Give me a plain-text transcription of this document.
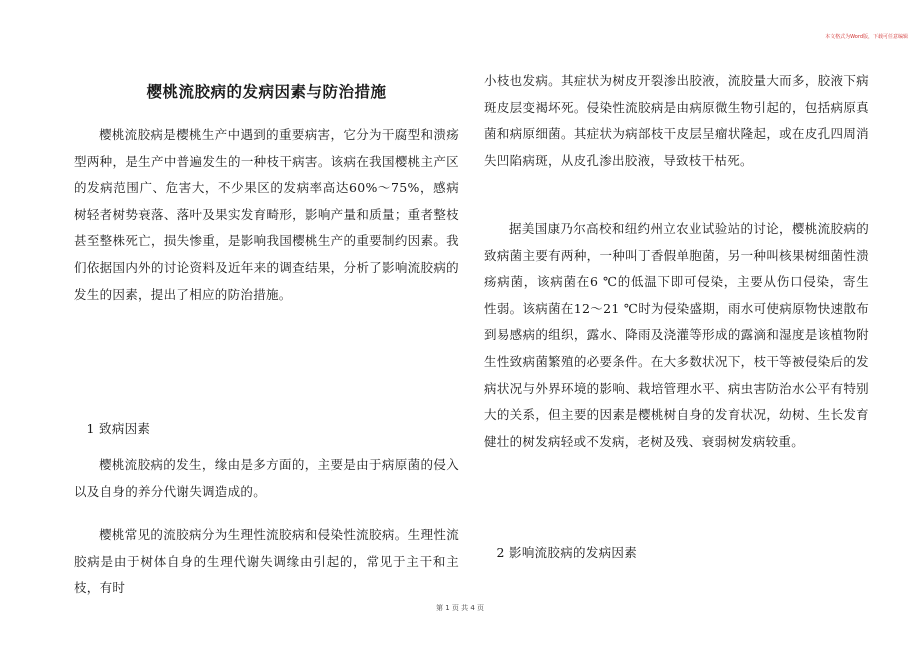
本文格式为Word版，下载可任意编辑
樱桃流胶病的发病因素与防治措施

樱桃流胶病是樱桃生产中遇到的重要病害，它分为干腐型和溃疡型两种，是生产中普遍发生的一种枝干病害。该病在我国樱桃主产区的发病范围广、危害大，不少果区的发病率高达60%～75%，感病树轻者树势衰落、落叶及果实发育畸形，影响产量和质量；重者整枝甚至整株死亡，损失惨重，是影响我国樱桃生产的重要制约因素。我们依据国内外的讨论资料及近年来的调查结果，分析了影响流胶病的发生的因素，提出了相应的防治措施。

1 致病因素

樱桃流胶病的发生，缘由是多方面的，主要是由于病原菌的侵入以及自身的养分代谢失调造成的。

樱桃常见的流胶病分为生理性流胶病和侵染性流胶病。生理性流胶病是由于树体自身的生理代谢失调缘由引起的，常见于主干和主枝，有时

小枝也发病。其症状为树皮开裂渗出胶液，流胶量大而多，胶液下病斑皮层变褐坏死。侵染性流胶病是由病原微生物引起的，包括病原真菌和病原细菌。其症状为病部枝干皮层呈瘤状隆起，或在皮孔四周消失凹陷病斑，从皮孔渗出胶液，导致枝干枯死。

据美国康乃尔高校和纽约州立农业试验站的讨论，樱桃流胶病的致病菌主要有两种，一种叫丁香假单胞菌，另一种叫核果树细菌性溃疡病菌，该病菌在6 ℃的低温下即可侵染，主要从伤口侵染，寄生性弱。该病菌在12～21 ℃时为侵染盛期，雨水可使病原物快速散布到易感病的组织，露水、降雨及浇灌等形成的露滴和湿度是该植物附生性致病菌繁殖的必要条件。在大多数状况下，枝干等被侵染后的发病状况与外界环境的影响、栽培管理水平、病虫害防治水公平有特别大的关系，但主要的因素是樱桃树自身的发育状况，幼树、生长发育健壮的树发病轻或不发病，老树及残、衰弱树发病较重。

2 影响流胶病的发病因素

第 1 页 共 4 页
